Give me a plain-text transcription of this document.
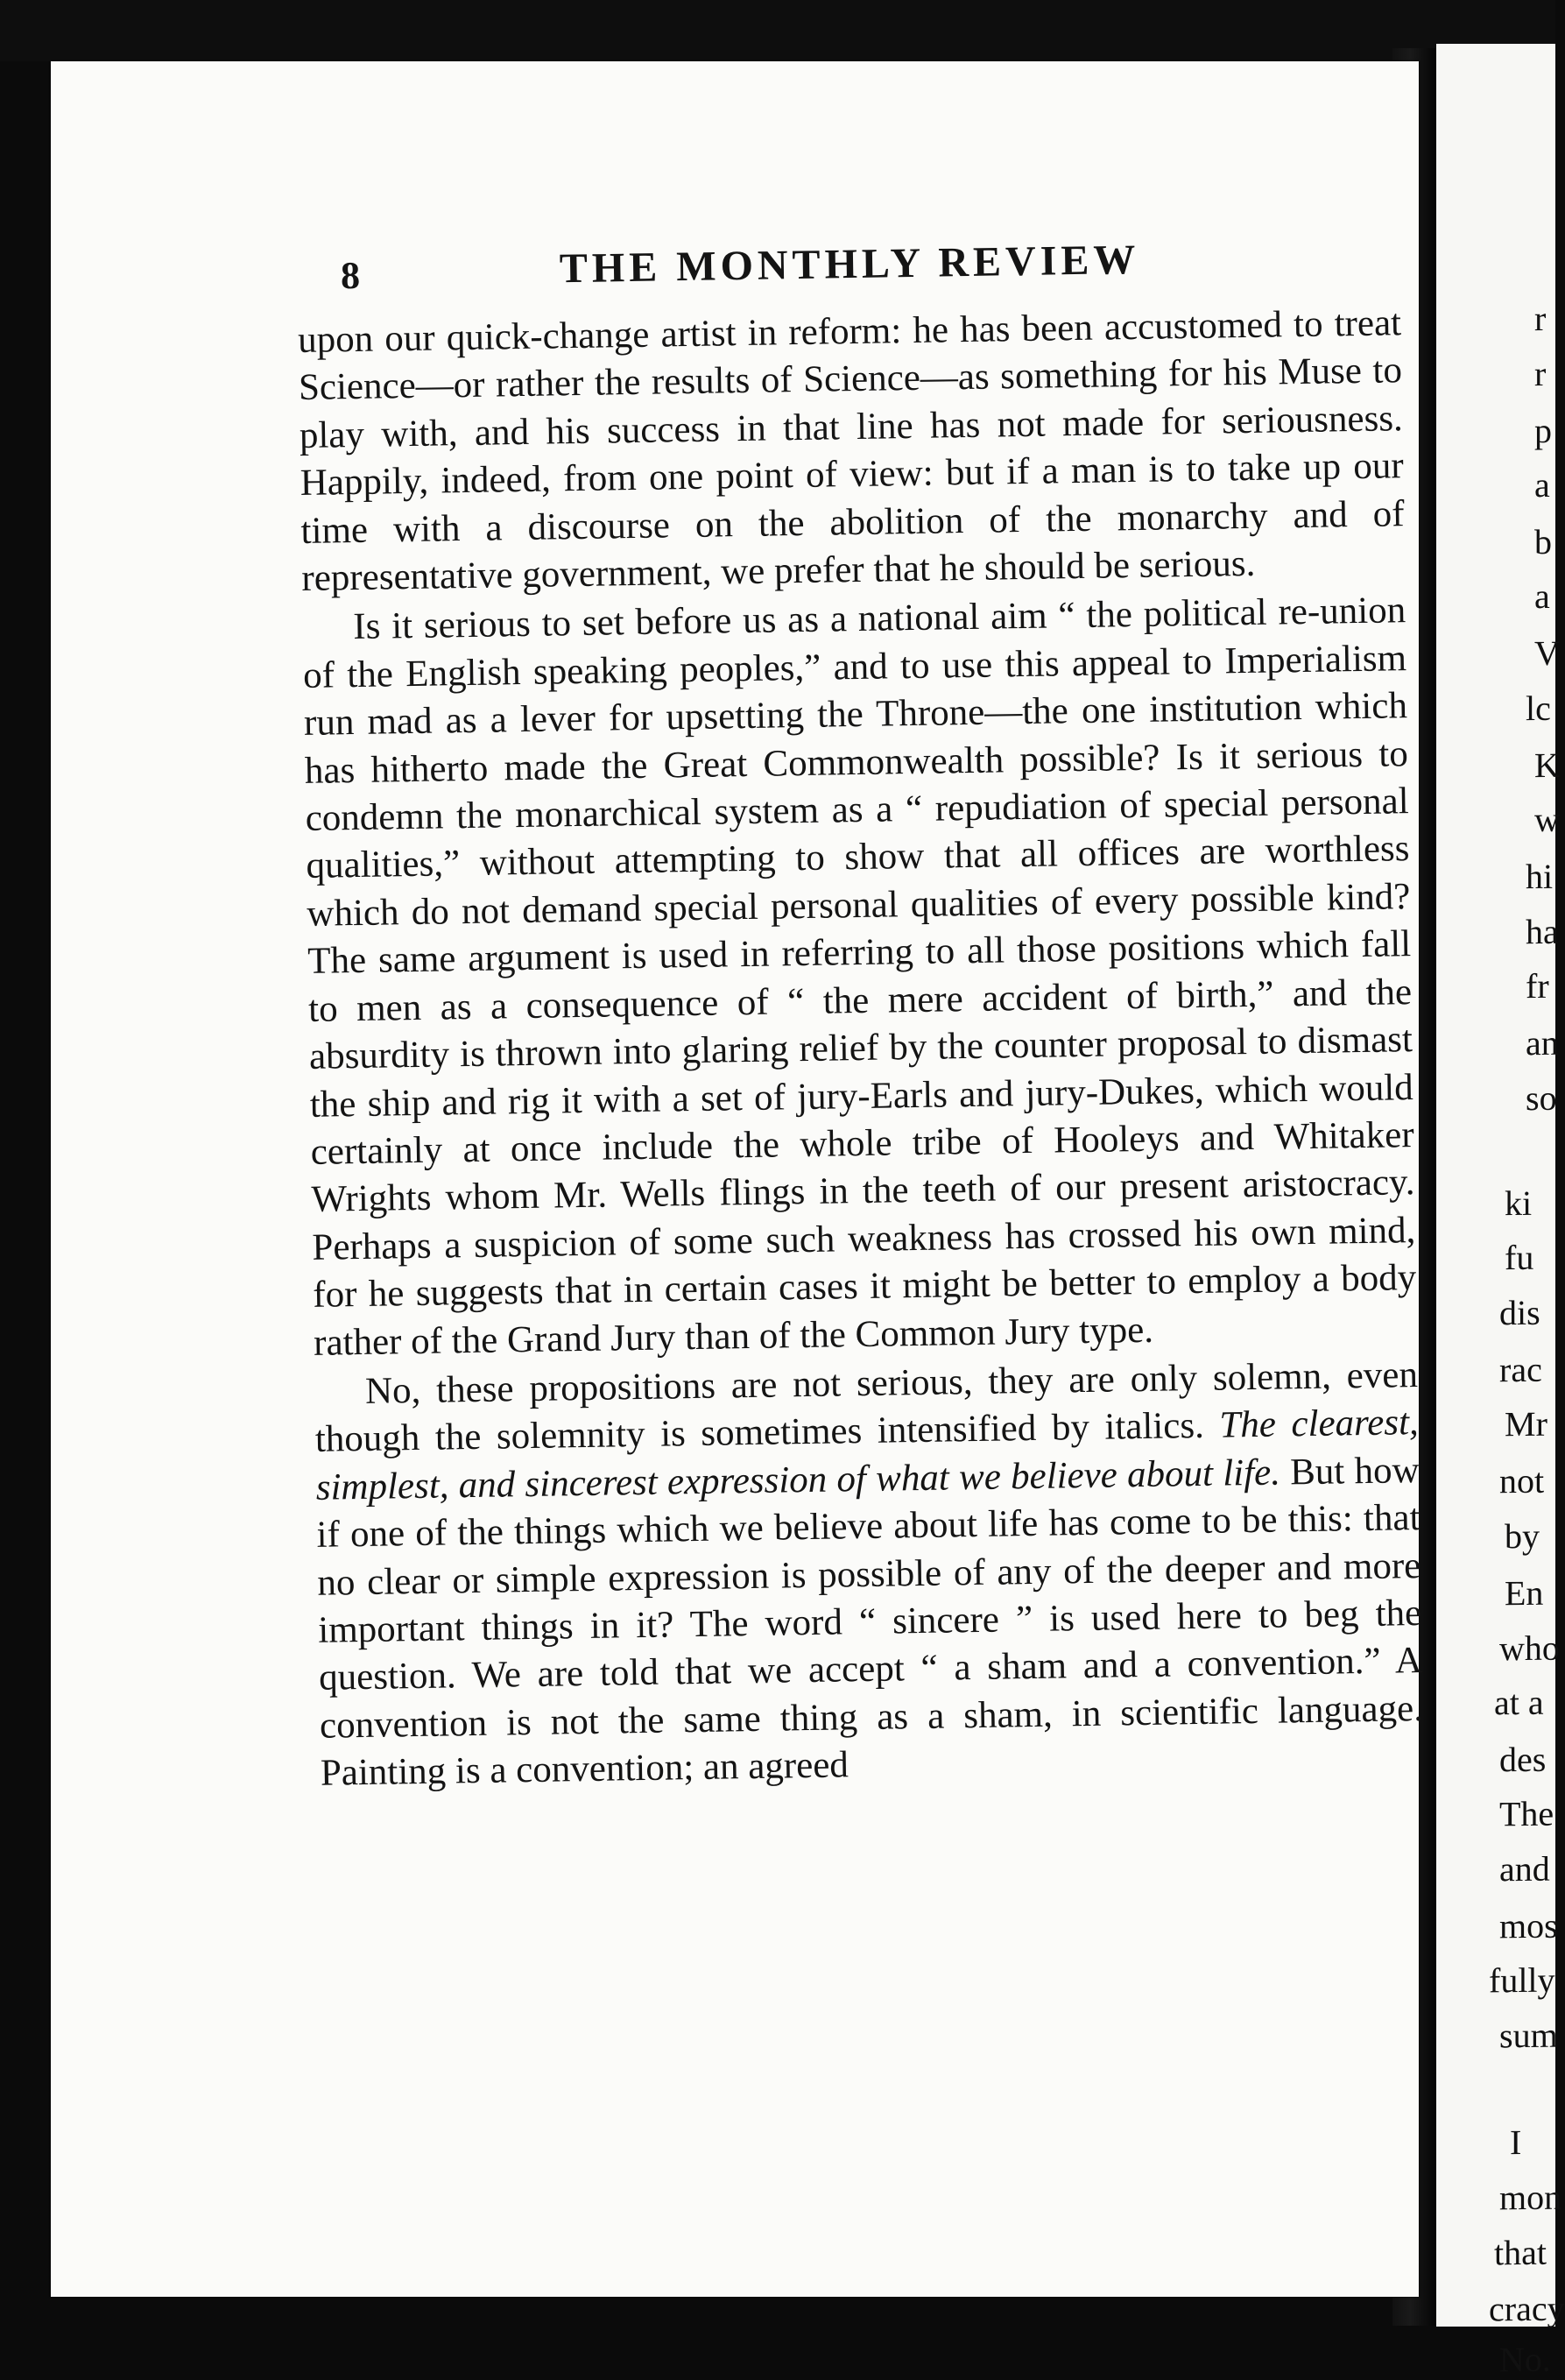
r
r
p
a
b
a
V
lc
K
w
hi
ha
fr
an
so
ki
fu
dis
rac
Mr
not
by
En
who
at a
des
The
and
mos
fully
sum
I
mon
that
cracy
No.
8	THE MONTHLY REVIEW

upon our quick-change artist in reform: he has been accustomed to treat Science—or rather the results of Science—as something for his Muse to play with, and his success in that line has not made for seriousness. Happily, indeed, from one point of view: but if a man is to take up our time with a discourse on the abolition of the monarchy and of representative government, we prefer that he should be serious.

Is it serious to set before us as a national aim “ the political re-union of the English speaking peoples,” and to use this appeal to Imperialism run mad as a lever for upsetting the Throne—the one institution which has hitherto made the Great Commonwealth possible? Is it serious to condemn the monarchical system as a “ repudiation of special personal qualities,” without attempting to show that all offices are worthless which do not demand special personal qualities of every possible kind? The same argument is used in referring to all those positions which fall to men as a consequence of “ the mere accident of birth,” and the absurdity is thrown into glaring relief by the counter proposal to dismast the ship and rig it with a set of jury-Earls and jury-Dukes, which would certainly at once include the whole tribe of Hooleys and Whitaker Wrights whom Mr. Wells flings in the teeth of our present aristocracy. Perhaps a suspicion of some such weakness has crossed his own mind, for he suggests that in certain cases it might be better to employ a body rather of the Grand Jury than of the Common Jury type.

No, these propositions are not serious, they are only solemn, even though the solemnity is sometimes intensified by italics. The clearest, simplest, and sincerest expression of what we believe about life. But how if one of the things which we believe about life has come to be this: that no clear or simple expression is possible of any of the deeper and more important things in it? The word “ sincere ” is used here to beg the question. We are told that we accept “ a sham and a convention.” A convention is not the same thing as a sham, in scientific language. Painting is a convention; an agreed
